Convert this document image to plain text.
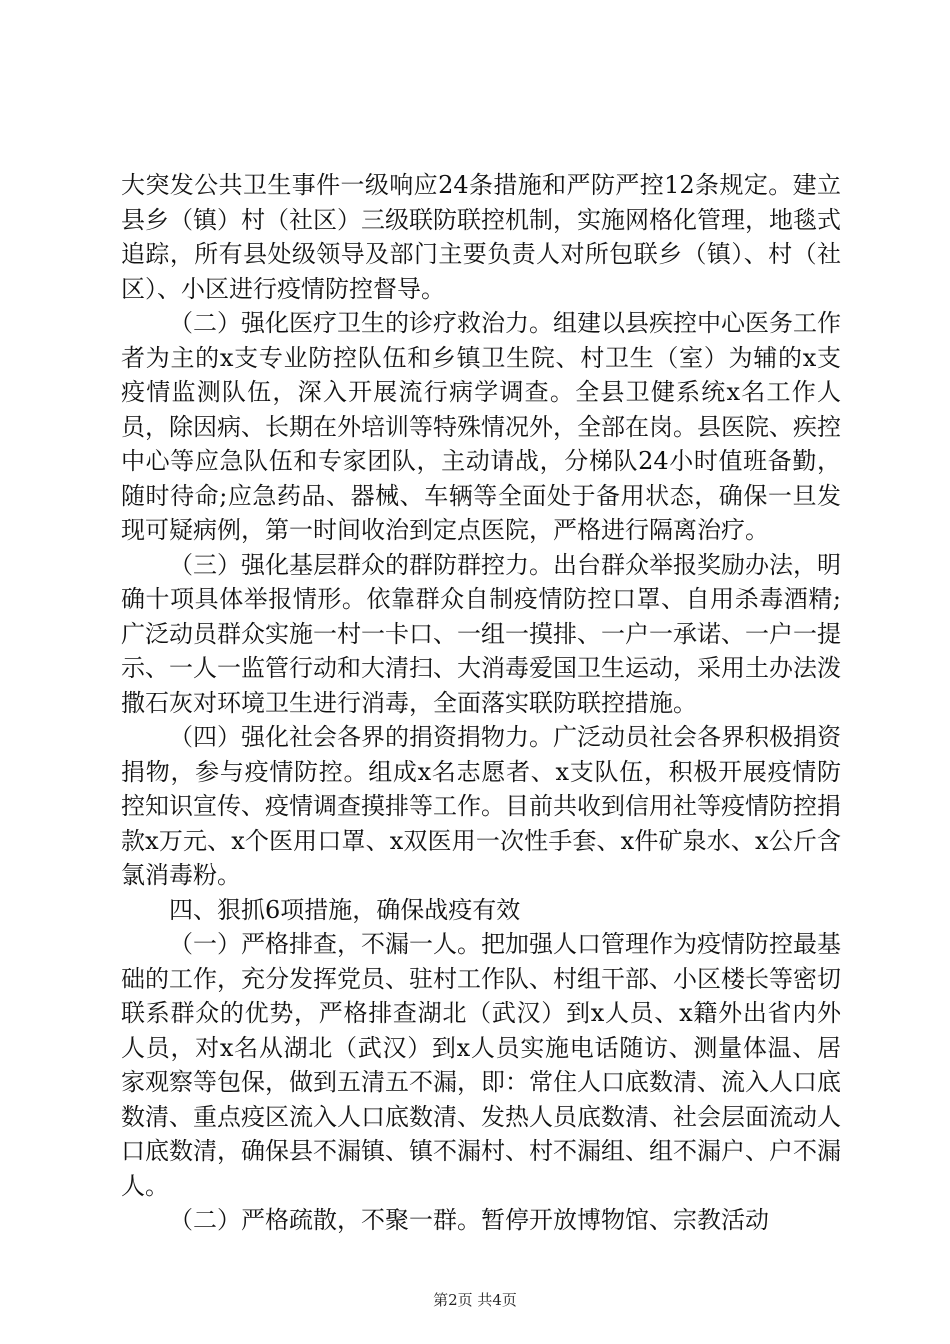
大突发公共卫生事件一级响应24条措施和严防严控12条规定。建立县乡（镇）村（社区）三级联防联控机制，实施网格化管理，地毯式追踪，所有县处级领导及部门主要负责人对所包联乡（镇）、村（社区）、小区进行疫情防控督导。

（二）强化医疗卫生的诊疗救治力。组建以县疾控中心医务工作者为主的x支专业防控队伍和乡镇卫生院、村卫生（室）为辅的x支疫情监测队伍，深入开展流行病学调查。全县卫健系统x名工作人员，除因病、长期在外培训等特殊情况外，全部在岗。县医院、疾控中心等应急队伍和专家团队，主动请战，分梯队24小时值班备勤，随时待命;应急药品、器械、车辆等全面处于备用状态，确保一旦发现可疑病例，第一时间收治到定点医院，严格进行隔离治疗。

（三）强化基层群众的群防群控力。出台群众举报奖励办法，明确十项具体举报情形。依靠群众自制疫情防控口罩、自用杀毒酒精;广泛动员群众实施一村一卡口、一组一摸排、一户一承诺、一户一提示、一人一监管行动和大清扫、大消毒爱国卫生运动，采用土办法泼撒石灰对环境卫生进行消毒，全面落实联防联控措施。

（四）强化社会各界的捐资捐物力。广泛动员社会各界积极捐资捐物，参与疫情防控。组成x名志愿者、x支队伍，积极开展疫情防控知识宣传、疫情调查摸排等工作。目前共收到信用社等疫情防控捐款x万元、x个医用口罩、x双医用一次性手套、x件矿泉水、x公斤含氯消毒粉。

四、狠抓6项措施，确保战疫有效

（一）严格排查，不漏一人。把加强人口管理作为疫情防控最基础的工作，充分发挥党员、驻村工作队、村组干部、小区楼长等密切联系群众的优势，严格排查湖北（武汉）到x人员、x籍外出省内外人员，对x名从湖北（武汉）到x人员实施电话随访、测量体温、居家观察等包保，做到五清五不漏，即：常住人口底数清、流入人口底数清、重点疫区流入人口底数清、发热人员底数清、社会层面流动人口底数清，确保县不漏镇、镇不漏村、村不漏组、组不漏户、户不漏人。

（二）严格疏散，不聚一群。暂停开放博物馆、宗教活动

第2页 共4页
